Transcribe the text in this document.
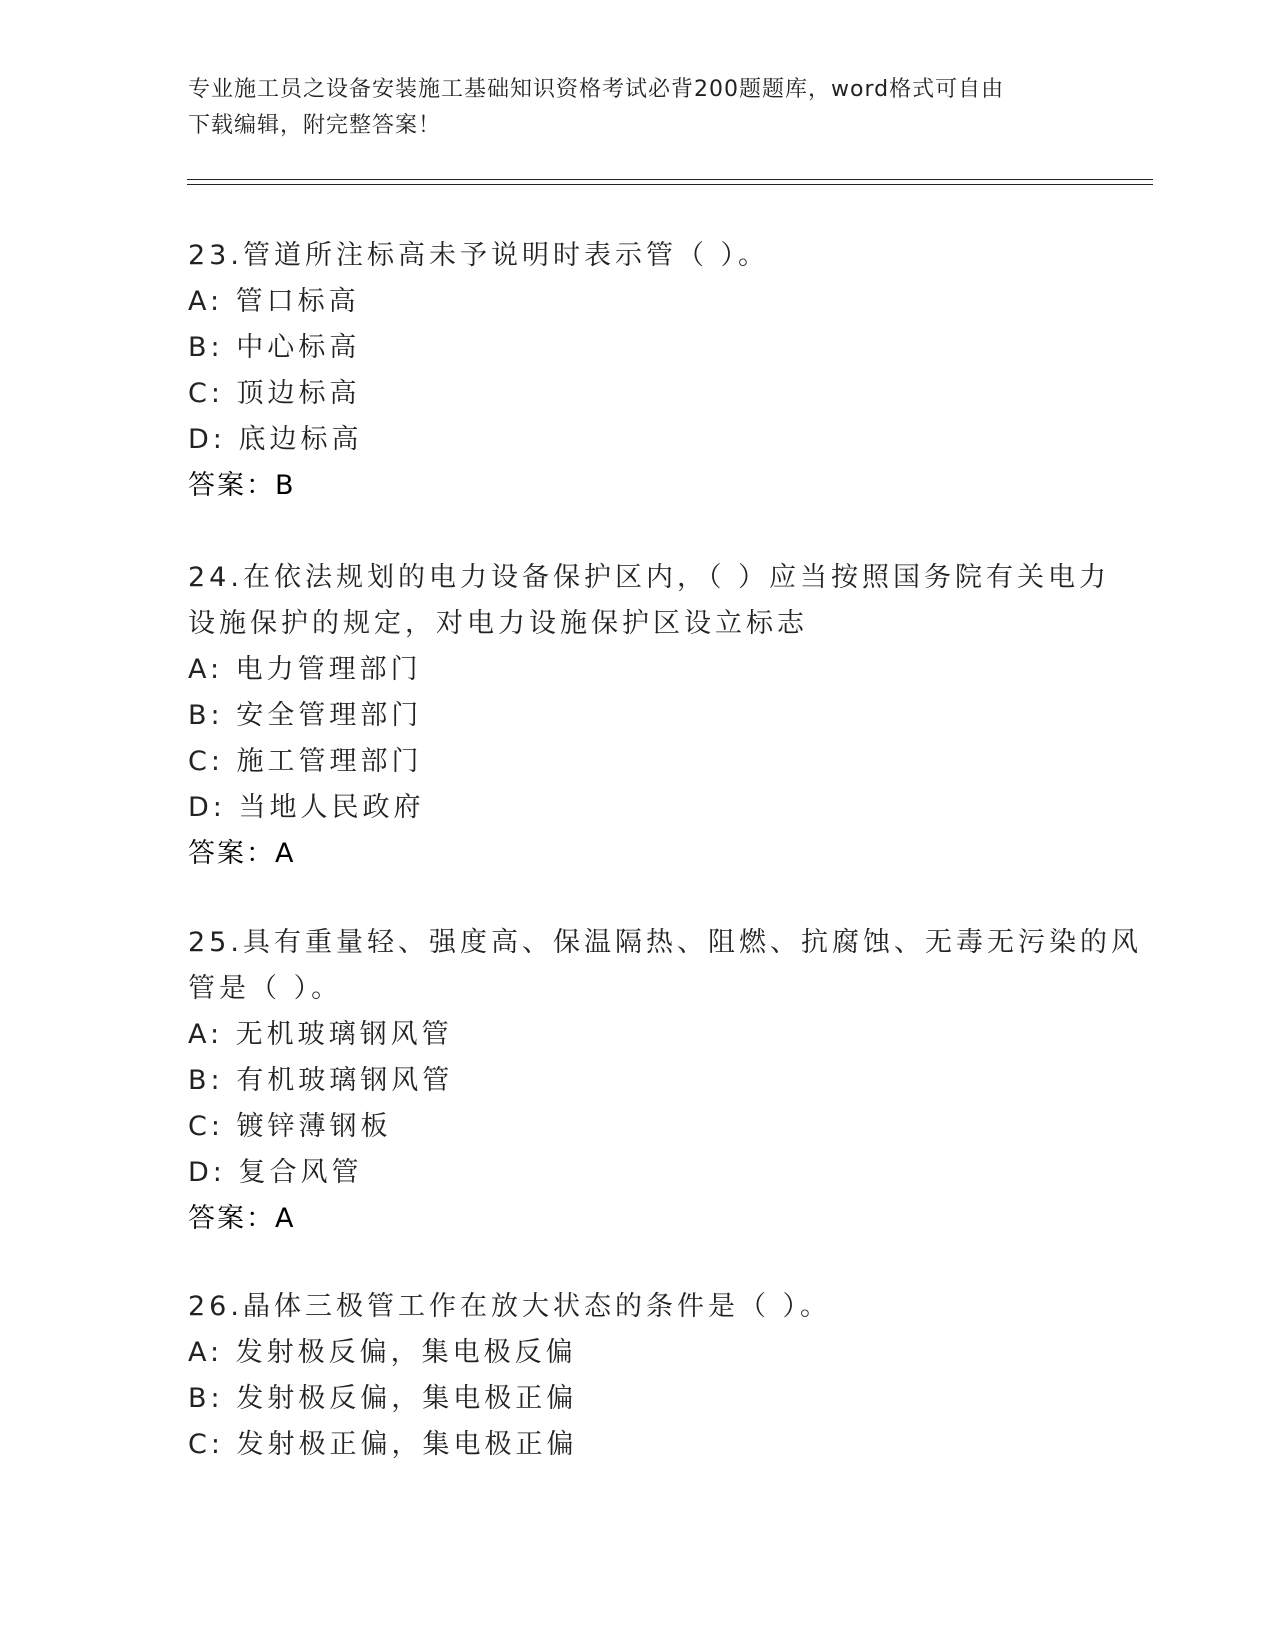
专业施工员之设备安装施工基础知识资格考试必背200题题库，word格式可自由
下载编辑，附完整答案！
23.管道所注标高未予说明时表示管（ ）。
A: 管口标高
B: 中心标高
C: 顶边标高
D: 底边标高
答案：B
24.在依法规划的电力设备保护区内，（ ）应当按照国务院有关电力
设施保护的规定，对电力设施保护区设立标志
A: 电力管理部门
B: 安全管理部门
C: 施工管理部门
D: 当地人民政府
答案：A
25.具有重量轻、强度高、保温隔热、阻燃、抗腐蚀、无毒无污染的风
管是（ ）。
A: 无机玻璃钢风管
B: 有机玻璃钢风管
C: 镀锌薄钢板
D: 复合风管
答案：A
26.晶体三极管工作在放大状态的条件是（ ）。
A: 发射极反偏，集电极反偏
B: 发射极反偏，集电极正偏
C: 发射极正偏，集电极正偏
